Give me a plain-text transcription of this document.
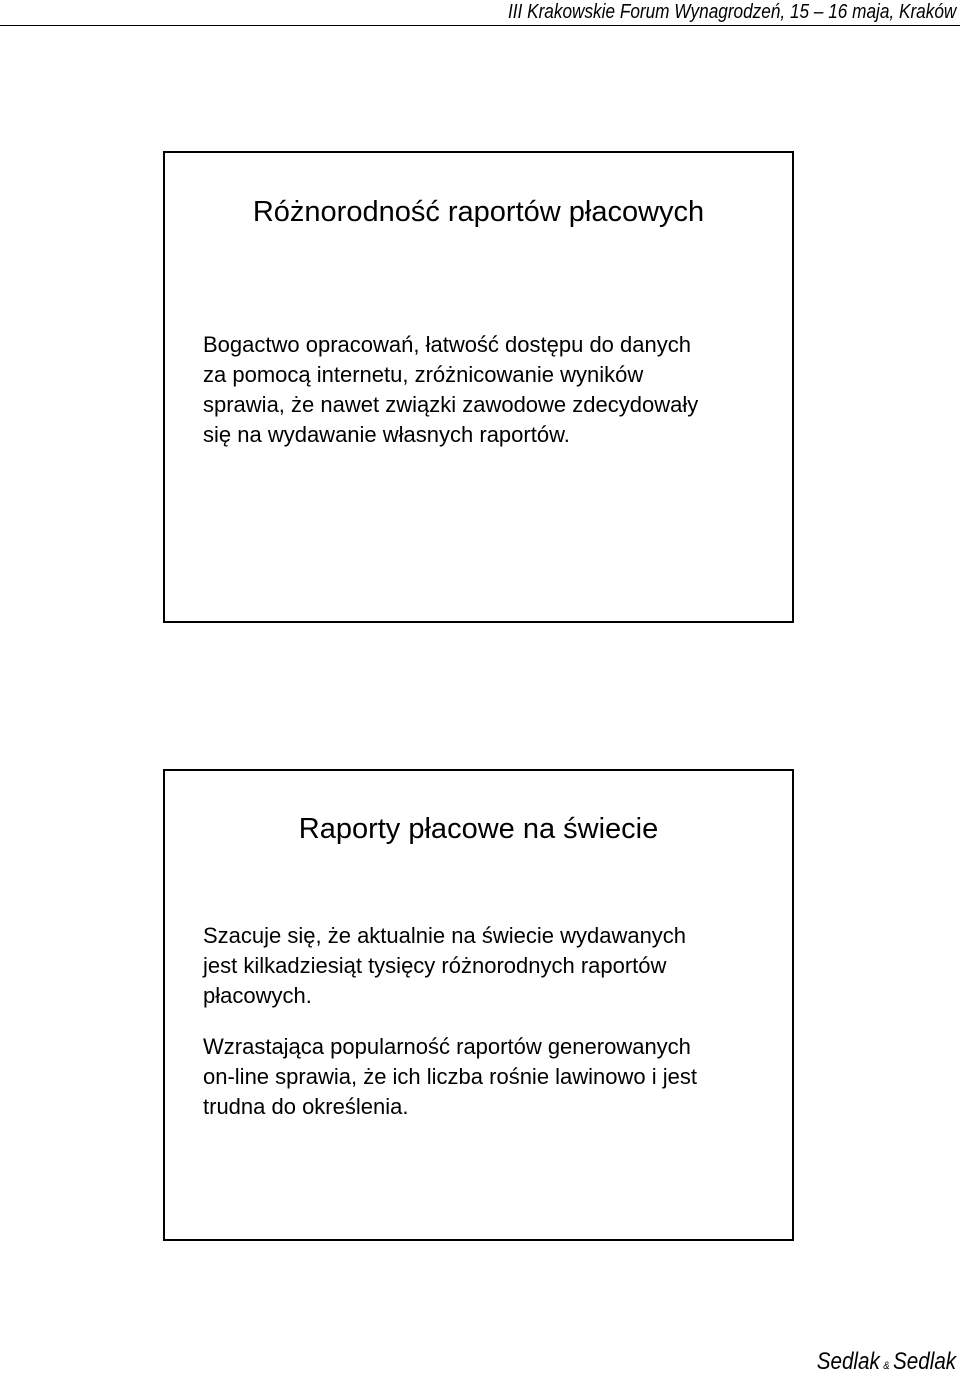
III Krakowskie Forum Wynagrodzeń, 15 – 16 maja, Kraków
Różnorodność raportów płacowych

Bogactwo opracowań, łatwość dostępu do danych
za pomocą internetu, zróżnicowanie wyników
sprawia, że nawet związki zawodowe zdecydowały
się na wydawanie własnych raportów.

Raporty płacowe na świecie

Szacuje się, że aktualnie na świecie wydawanych
jest kilkadziesiąt tysięcy różnorodnych raportów
płacowych.

Wzrastająca popularność raportów generowanych
on-line sprawia, że ich liczba rośnie lawinowo i jest
trudna do określenia.

Sedlak & Sedlak
